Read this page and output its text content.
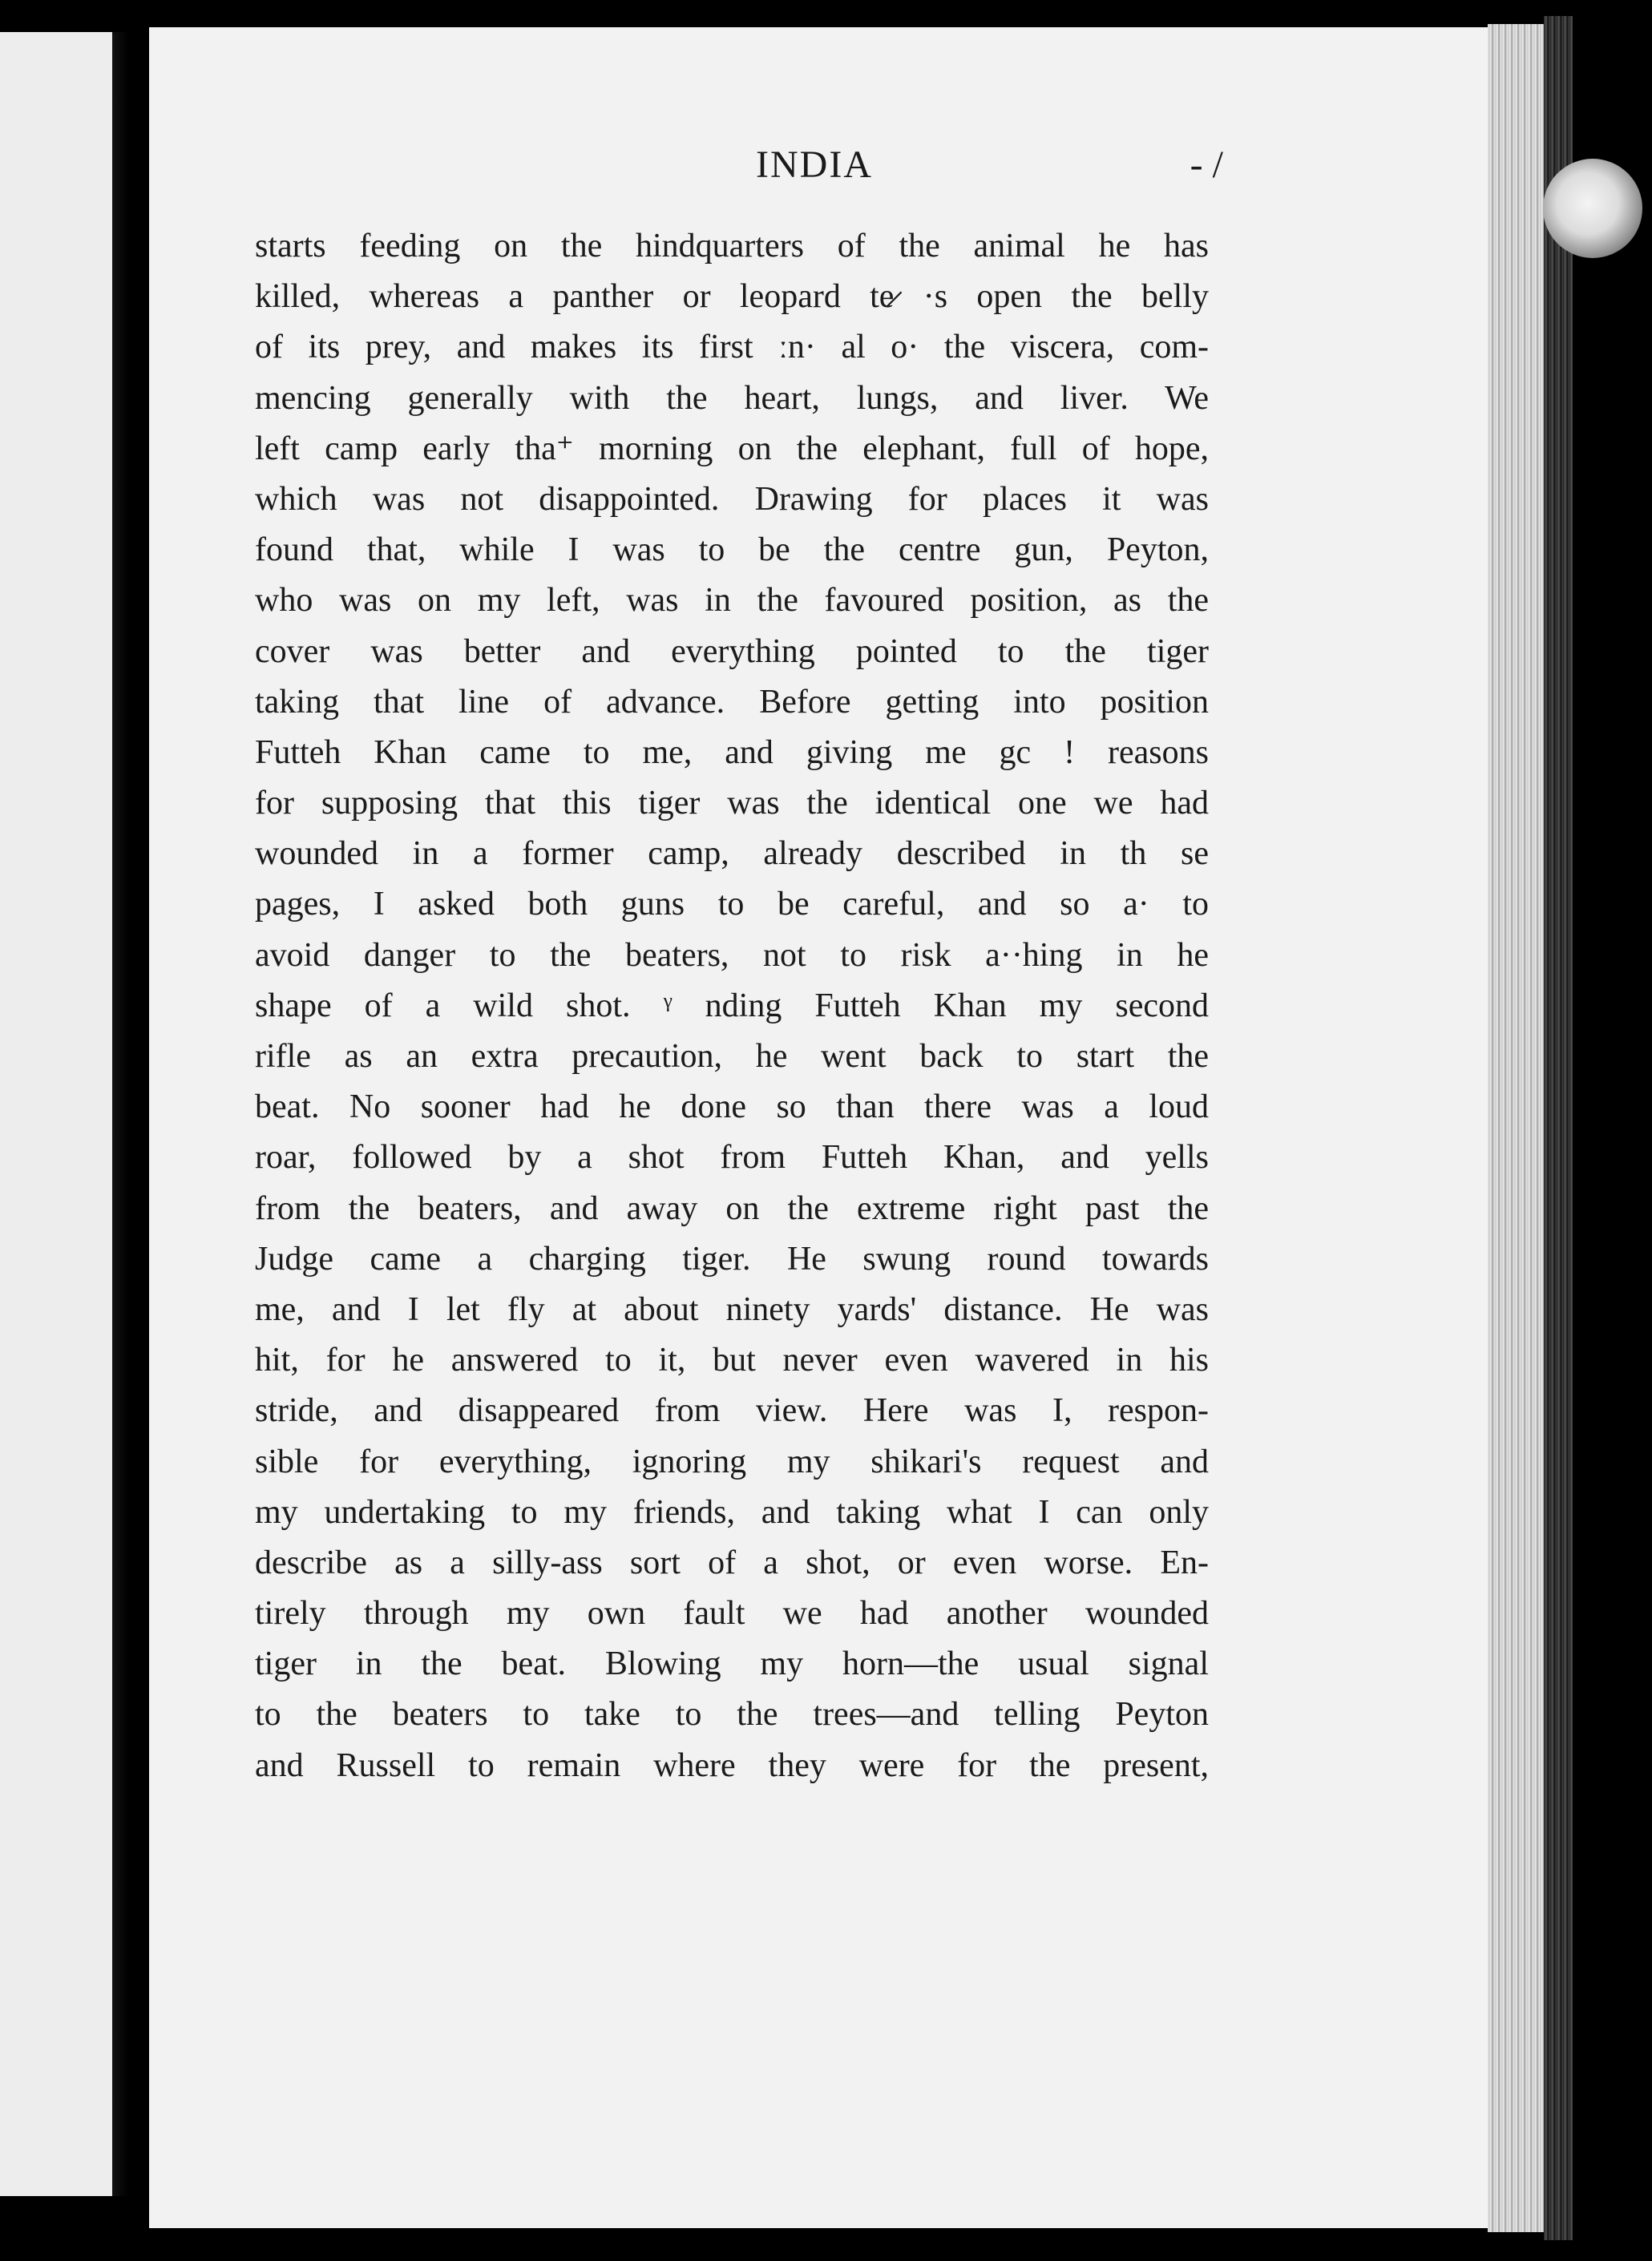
INDIA	- /
starts feeding on the hindquarters of the animal he has
killed, whereas a panther or leopard te̷ ·s open the belly
of its prey, and makes its first ːn· al o· the viscera, com-
mencing generally with the heart, lungs, and liver. We
left camp early tha⁺ morning on the elephant, full of hope,
which was not disappointed. Drawing for places it was
found that, while I was to be the centre gun, Peyton,
who was on my left, was in the favoured position, as the
cover was better and everything pointed to the tiger
taking that line of advance. Before getting into position
Futteh Khan came to me, and giving me gc ! reasons
for supposing that this tiger was the identical one we had
wounded in a former camp, already described in th se
pages, I asked both guns to be careful, and so a· to
avoid danger to the beaters, not to risk a··hing in he
shape of a wild shot. ᵞ nding Futteh Khan my second
rifle as an extra precaution, he went back to start the
beat. No sooner had he done so than there was a loud
roar, followed by a shot from Futteh Khan, and yells
from the beaters, and away on the extreme right past the
Judge came a charging tiger. He swung round towards
me, and I let fly at about ninety yards' distance. He was
hit, for he answered to it, but never even wavered in his
stride, and disappeared from view. Here was I, respon-
sible for everything, ignoring my shikari's request and
my undertaking to my friends, and taking what I can only
describe as a silly-ass sort of a shot, or even worse. En-
tirely through my own fault we had another wounded
tiger in the beat. Blowing my horn—the usual signal
to the beaters to take to the trees—and telling Peyton
and Russell to remain where they were for the present,
